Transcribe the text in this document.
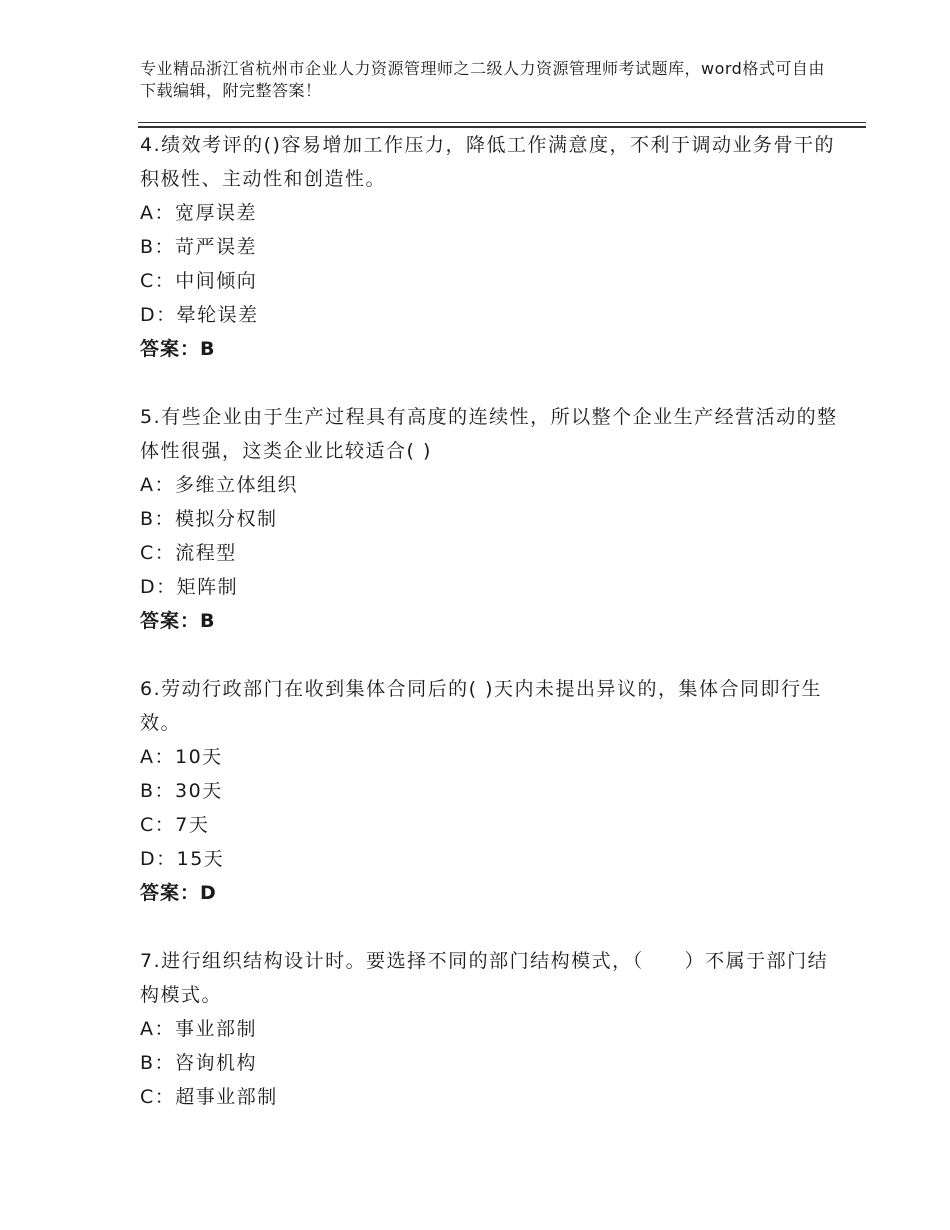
专业精品浙江省杭州市企业人力资源管理师之二级人力资源管理师考试题库，word格式可自由下载编辑，附完整答案！

4.绩效考评的()容易增加工作压力，降低工作满意度，不利于调动业务骨干的积极性、主动性和创造性。

A：宽厚误差

B：苛严误差

C：中间倾向

D：晕轮误差

答案：B

5.有些企业由于生产过程具有高度的连续性，所以整个企业生产经营活动的整体性很强，这类企业比较适合( )

A：多维立体组织

B：模拟分权制

C：流程型

D：矩阵制

答案：B

6.劳动行政部门在收到集体合同后的( )天内未提出异议的，集体合同即行生效。

A：10天

B：30天

C：7天

D：15天

答案：D

7.进行组织结构设计时。要选择不同的部门结构模式，（　　）不属于部门结构模式。

A：事业部制

B：咨询机构

C：超事业部制
